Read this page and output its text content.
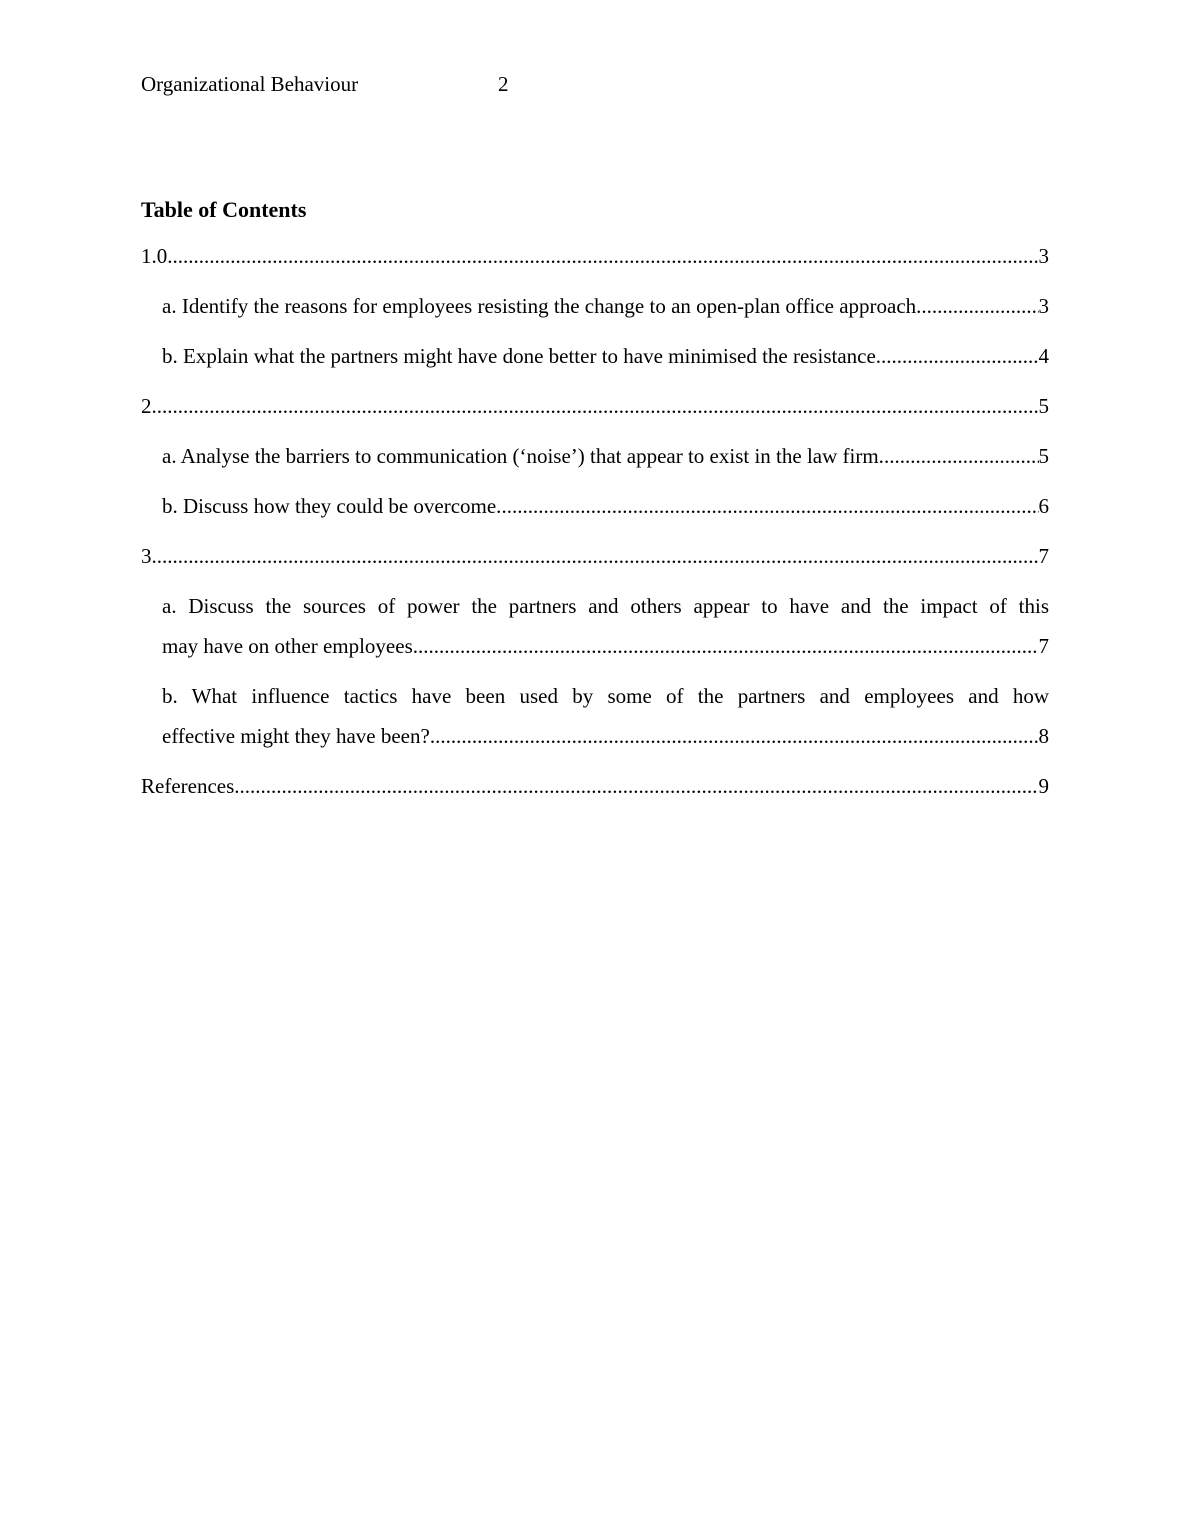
Organizational Behaviour	2
Table of Contents
1.0 .....	3
a. Identify the reasons for employees resisting the change to an open-plan office approach. .....	3
b. Explain what the partners might have done better to have minimised the resistance. .....	4
2 .....	5
a. Analyse the barriers to communication (‘noise’) that appear to exist in the law firm. .....	5
b. Discuss how they could be overcome. .....	6
3 .....	7
a. Discuss the sources of power the partners and others appear to have and the impact of this
may have on other employees. .....	7
b. What influence tactics have been used by some of the partners and employees and how
effective might they have been? .....	8
References .....	9
